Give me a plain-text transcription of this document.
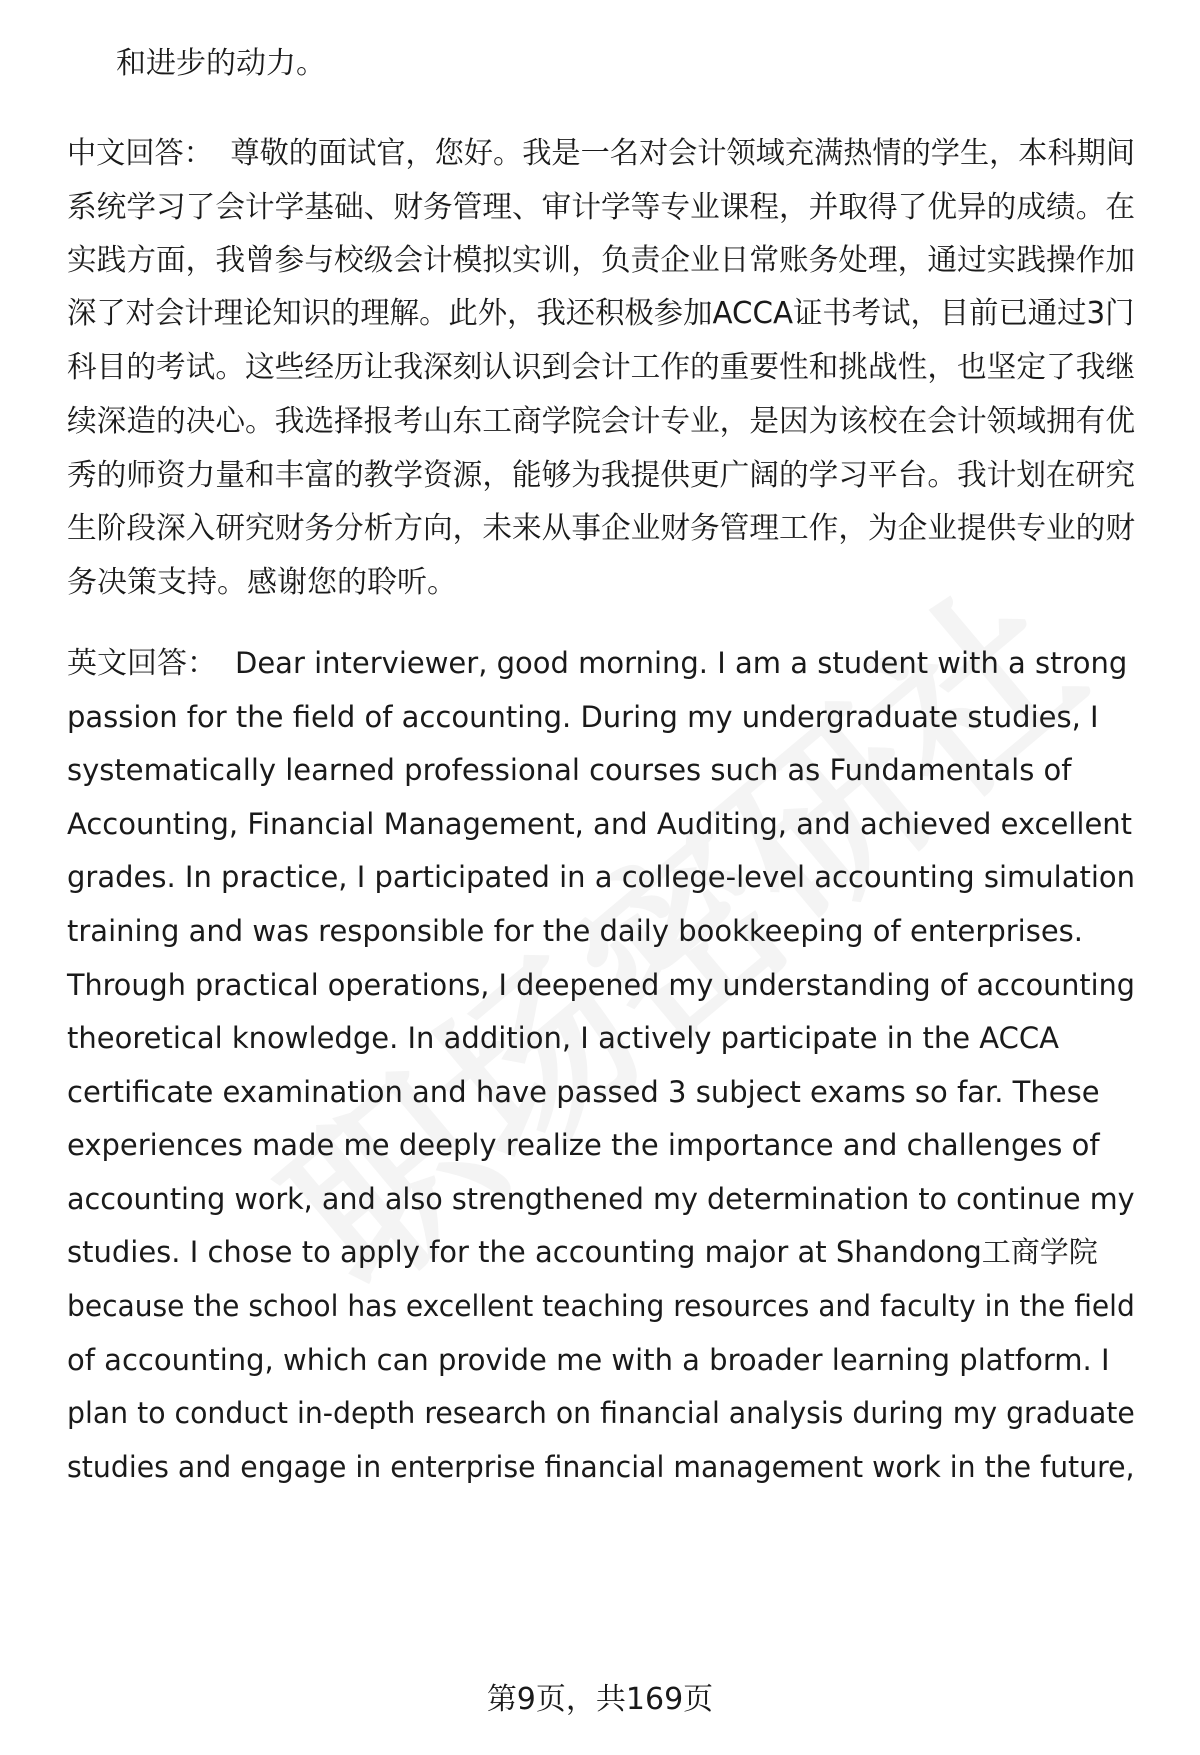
和进步的动力。
中文回答： 尊敬的面试官，您好。我是一名对会计领域充满热情的学生，本科期间
系统学习了会计学基础、财务管理、审计学等专业课程，并取得了优异的成绩。在
实践方面，我曾参与校级会计模拟实训，负责企业日常账务处理，通过实践操作加
深了对会计理论知识的理解。此外，我还积极参加ACCA证书考试，目前已通过3门
科目的考试。这些经历让我深刻认识到会计工作的重要性和挑战性，也坚定了我继
续深造的决心。我选择报考山东工商学院会计专业，是因为该校在会计领域拥有优
秀的师资力量和丰富的教学资源，能够为我提供更广阔的学习平台。我计划在研究
生阶段深入研究财务分析方向，未来从事企业财务管理工作，为企业提供专业的财
务决策支持。感谢您的聆听。
英文回答： Dear interviewer, good morning. I am a student with a strong
passion for the field of accounting. During my undergraduate studies, I
systematically learned professional courses such as Fundamentals of
Accounting, Financial Management, and Auditing, and achieved excellent
grades. In practice, I participated in a college-level accounting simulation
training and was responsible for the daily bookkeeping of enterprises.
Through practical operations, I deepened my understanding of accounting
theoretical knowledge. In addition, I actively participate in the ACCA
certificate examination and have passed 3 subject exams so far. These
experiences made me deeply realize the importance and challenges of
accounting work, and also strengthened my determination to continue my
studies. I chose to apply for the accounting major at Shandong工商学院
because the school has excellent teaching resources and faculty in the field
of accounting, which can provide me with a broader learning platform. I
plan to conduct in-depth research on financial analysis during my graduate
studies and engage in enterprise financial management work in the future,
第9页，共169页
